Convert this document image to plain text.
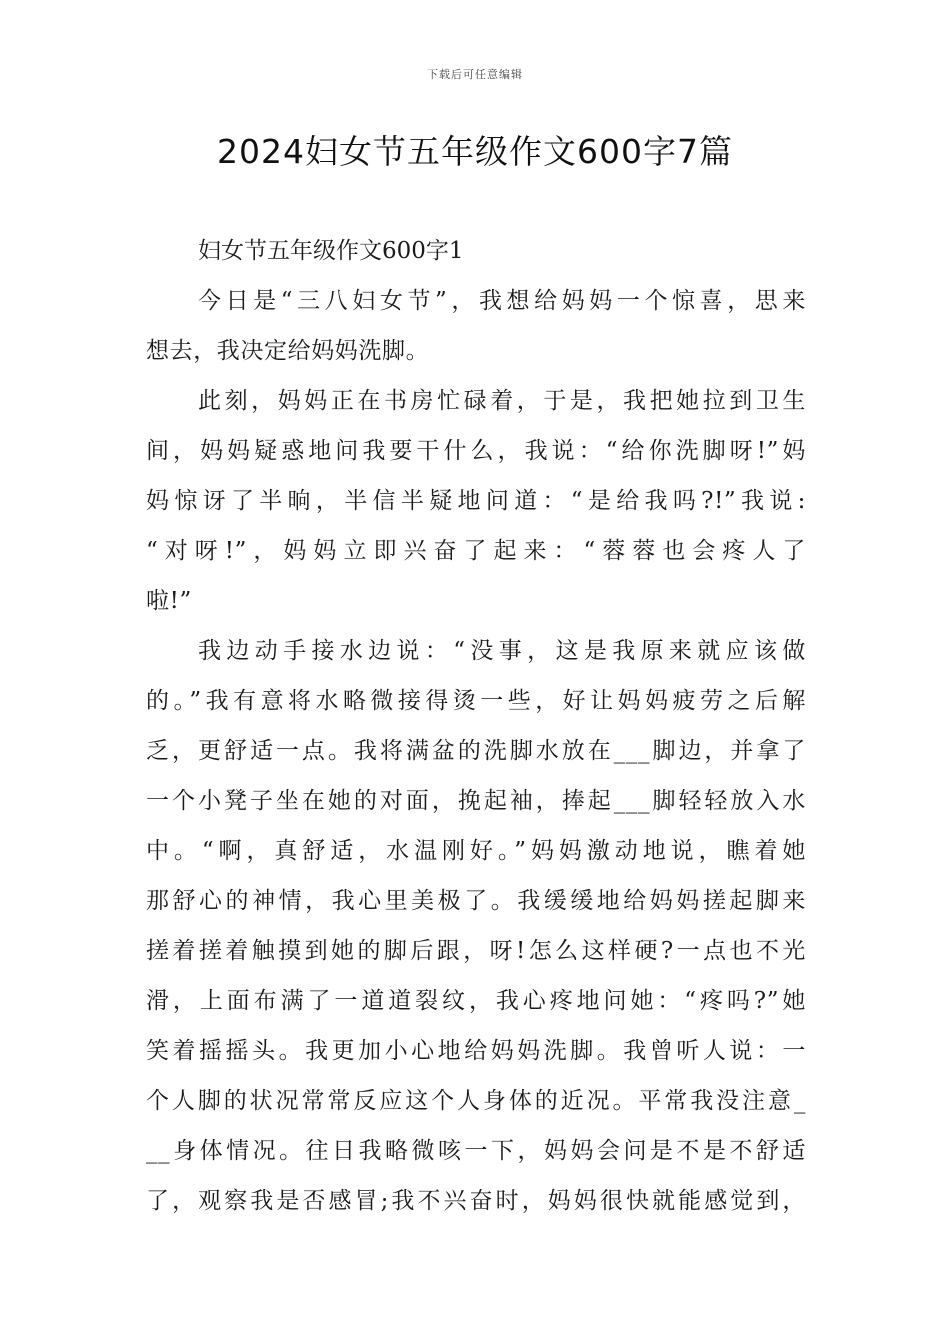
下载后可任意编辑
2024妇女节五年级作文600字7篇

妇女节五年级作文600字1

今日是“三八妇女节”，我想给妈妈一个惊喜，思来

想去，我决定给妈妈洗脚。

此刻，妈妈正在书房忙碌着，于是，我把她拉到卫生

间，妈妈疑惑地问我要干什么，我说：“给你洗脚呀!”妈

妈惊讶了半晌，半信半疑地问道：“是给我吗?!”我说:

“对呀!”，妈妈立即兴奋了起来：“蓉蓉也会疼人了

啦!”

我边动手接水边说：“没事，这是我原来就应该做

的。”我有意将水略微接得烫一些，好让妈妈疲劳之后解

乏，更舒适一点。我将满盆的洗脚水放在___脚边，并拿了

一个小凳子坐在她的对面，挽起袖，捧起___脚轻轻放入水

中。“啊，真舒适，水温刚好。”妈妈激动地说，瞧着她

那舒心的神情，我心里美极了。我缓缓地给妈妈搓起脚来

搓着搓着触摸到她的脚后跟，呀!怎么这样硬?一点也不光

滑，上面布满了一道道裂纹，我心疼地问她：“疼吗?”她

笑着摇摇头。我更加小心地给妈妈洗脚。我曾听人说：一

个人脚的状况常常反应这个人身体的近况。平常我没注意_

__身体情况。往日我略微咳一下，妈妈会问是不是不舒适

了，观察我是否感冒;我不兴奋时，妈妈很快就能感觉到，
